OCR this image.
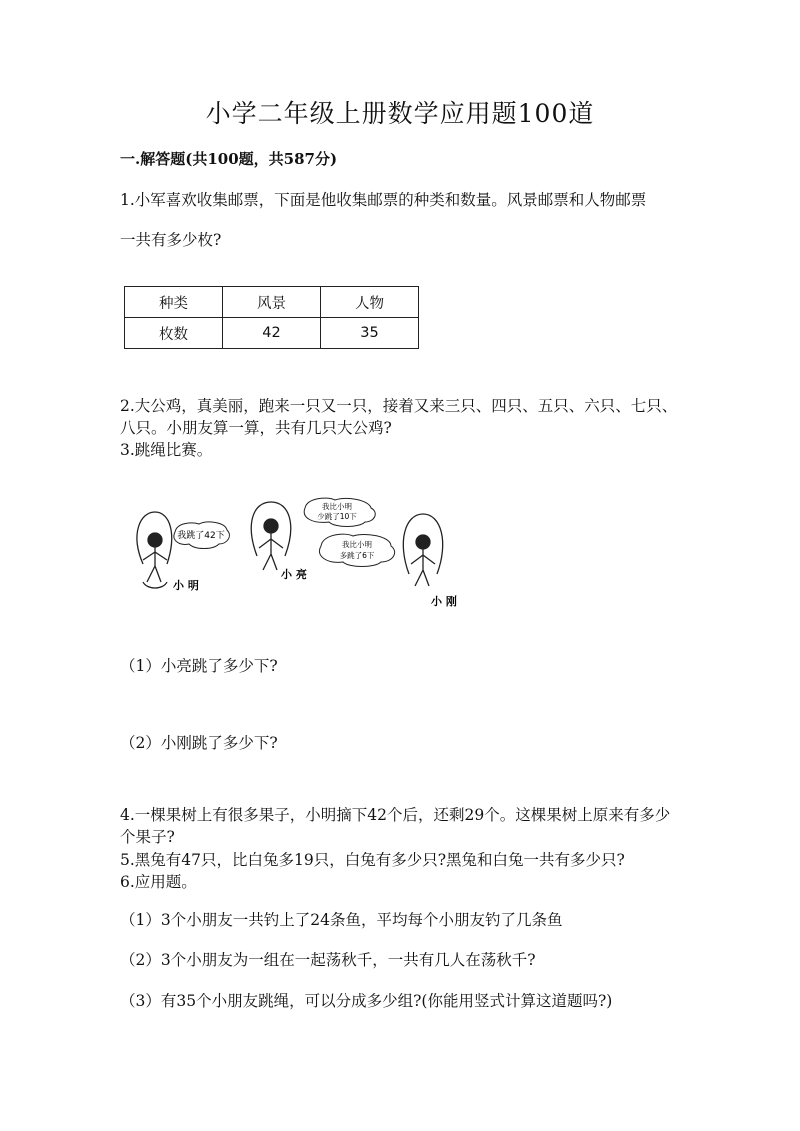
小学二年级上册数学应用题100道
一.解答题(共100题，共587分)
1.小军喜欢收集邮票，下面是他收集邮票的种类和数量。风景邮票和人物邮票
一共有多少枚?
种类	风景	人物
枚数	42	35
2.大公鸡，真美丽，跑来一只又一只，接着又来三只、四只、五只、六只、七只、八只。小朋友算一算，共有几只大公鸡?
3.跳绳比赛。
我跳了42下
小 明
我比小明
少跳了10下
我比小明
多跳了6下
小 亮
小 刚
（1）小亮跳了多少下?
（2）小刚跳了多少下?
4.一棵果树上有很多果子，小明摘下42个后，还剩29个。这棵果树上原来有多少个果子?
5.黑兔有47只，比白兔多19只，白兔有多少只?黑兔和白兔一共有多少只?
6.应用题。
（1）3个小朋友一共钓上了24条鱼，平均每个小朋友钓了几条鱼
（2）3个小朋友为一组在一起荡秋千，一共有几人在荡秋千?
（3）有35个小朋友跳绳，可以分成多少组?(你能用竖式计算这道题吗?)
